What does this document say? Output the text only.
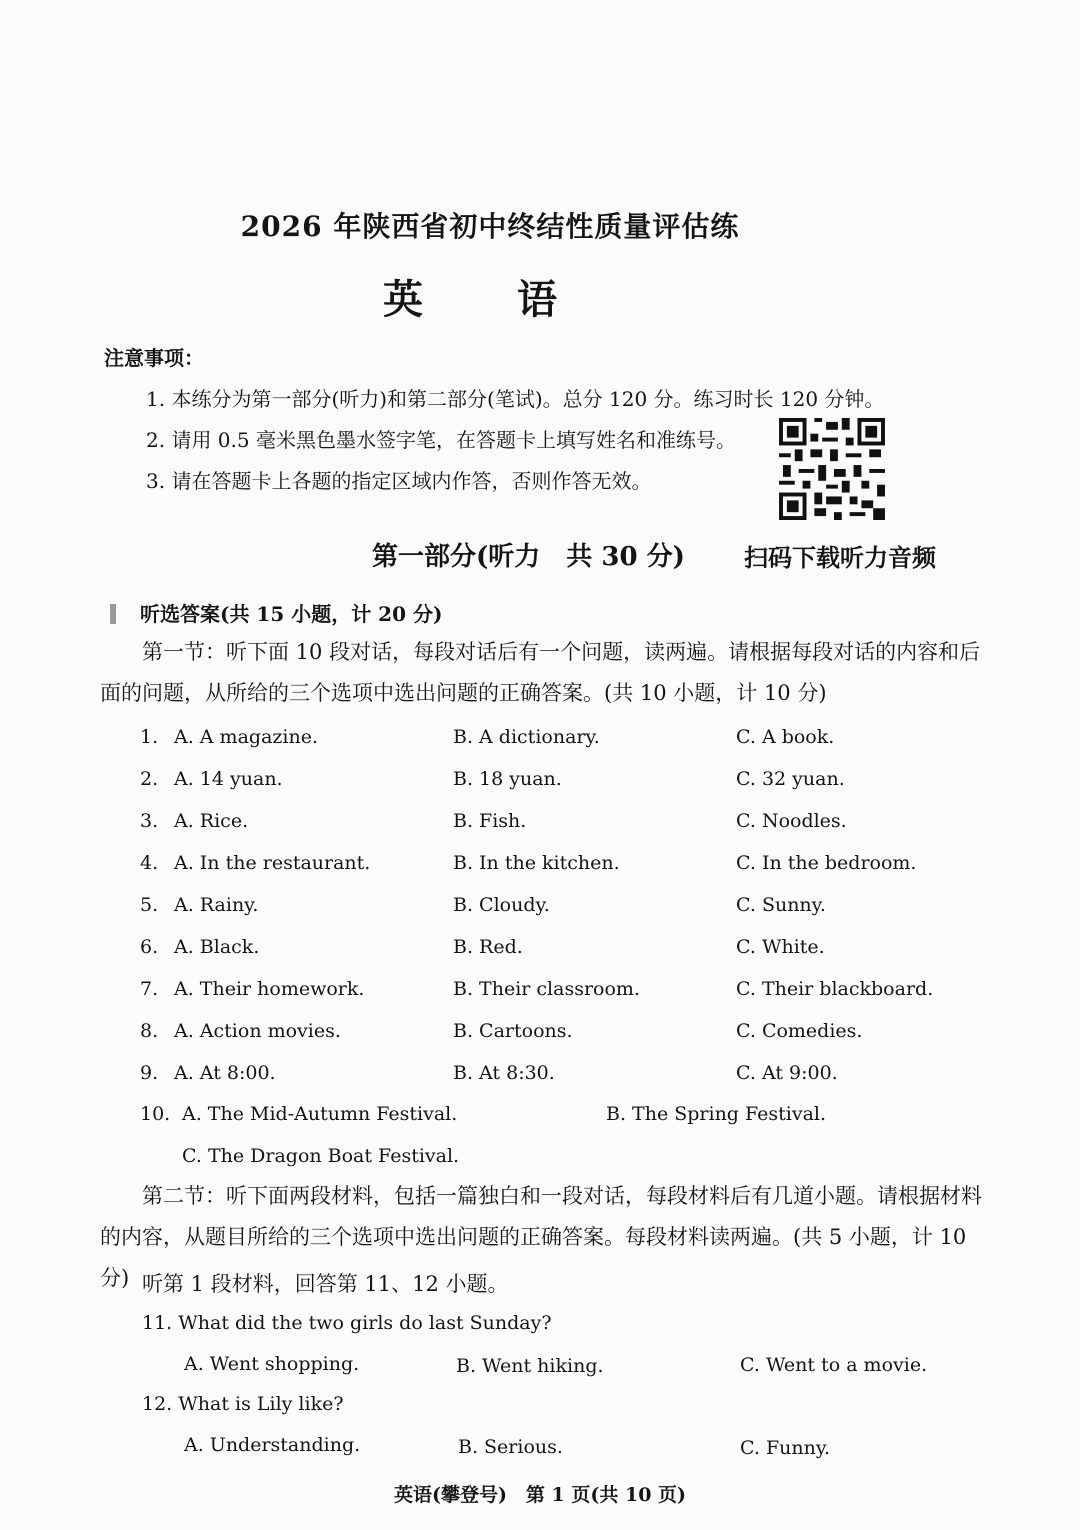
2026 年陕西省初中终结性质量评估练
英 语
注意事项：
1. 本练分为第一部分(听力)和第二部分(笔试)。总分 120 分。练习时长 120 分钟。
2. 请用 0.5 毫米黑色墨水签字笔，在答题卡上填写姓名和准练号。
3. 请在答题卡上各题的指定区域内作答，否则作答无效。
第一部分(听力　共 30 分) 扫码下载听力音频
听选答案(共 15 小题，计 20 分)
第一节：听下面 10 段对话，每段对话后有一个问题，读两遍。请根据每段对话的内容和后面的问题，从所给的三个选项中选出问题的正确答案。(共 10 小题，计 10 分)
1. A. A magazine.	B. A dictionary.	C. A book.
2. A. 14 yuan.	B. 18 yuan.	C. 32 yuan.
3. A. Rice.	B. Fish.	C. Noodles.
4. A. In the restaurant.	B. In the kitchen.	C. In the bedroom.
5. A. Rainy.	B. Cloudy.	C. Sunny.
6. A. Black.	B. Red.	C. White.
7. A. Their homework.	B. Their classroom.	C. Their blackboard.
8. A. Action movies.	B. Cartoons.	C. Comedies.
9. A. At 8:00.	B. At 8:30.	C. At 9:00.
10. A. The Mid-Autumn Festival.	B. The Spring Festival.
C. The Dragon Boat Festival.
第二节：听下面两段材料，包括一篇独白和一段对话，每段材料后有几道小题。请根据材料的内容，从题目所给的三个选项中选出问题的正确答案。每段材料读两遍。(共 5 小题，计 10 分) 听第 1 段材料，回答第 11、12 小题。
11. What did the two girls do last Sunday?
A. Went shopping.	B. Went hiking.	C. Went to a movie.
12. What is Lily like?
A. Understanding.	B. Serious.	C. Funny.
英语(攀登号)　第 1 页(共 10 页)
